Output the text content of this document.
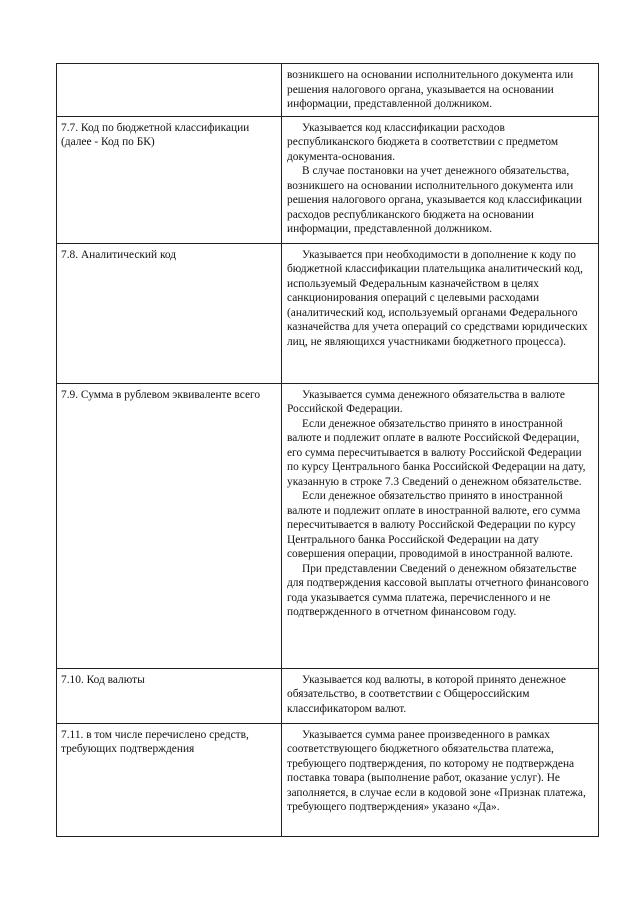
	возникшего на основании исполнительного документа или решения налогового органа, указывается на основании информации, представленной должником.

7.7. Код по бюджетной классификации (далее - Код по БК)	Указывается код классификации расходов республиканского бюджета в соответствии с предметом документа-основания.

В случае постановки на учет денежного обязательства, возникшего на основании исполнительного документа или решения налогового органа, указывается код классификации расходов республиканского бюджета на основании информации, представленной должником.

7.8. Аналитический код	Указывается при необходимости в дополнение к коду по бюджетной классификации плательщика аналитический код, используемый Федеральным казначейством в целях санкционирования операций с целевыми расходами (аналитический код, используемый органами Федерального казначейства для учета операций со средствами юридических лиц, не являющихся участниками бюджетного процесса).

7.9. Сумма в рублевом эквиваленте всего	Указывается сумма денежного обязательства в валюте Российской Федерации.

Если денежное обязательство принято в иностранной валюте и подлежит оплате в валюте Российской Федерации, его сумма пересчитывается в валюту Российской Федерации по курсу Центрального банка Российской Федерации на дату, указанную в строке 7.3 Сведений о денежном обязательстве.

Если денежное обязательство принято в иностранной валюте и подлежит оплате в иностранной валюте, его сумма пересчитывается в валюту Российской Федерации по курсу Центрального банка Российской Федерации на дату совершения операции, проводимой в иностранной валюте.

При представлении Сведений о денежном обязательстве для подтверждения кассовой выплаты отчетного финансового года указывается сумма платежа, перечисленного и не подтвержденного в отчетном финансовом году.

7.10. Код валюты	Указывается код валюты, в которой принято денежное обязательство, в соответствии с Общероссийским классификатором валют.

7.11. в том числе перечислено средств, требующих подтверждения	Указывается сумма ранее произведенного в рамках соответствующего бюджетного обязательства платежа, требующего подтверждения, по которому не подтверждена поставка товара (выполнение работ, оказание услуг). Не заполняется, в случае если в кодовой зоне «Признак платежа, требующего подтверждения» указано «Да».
